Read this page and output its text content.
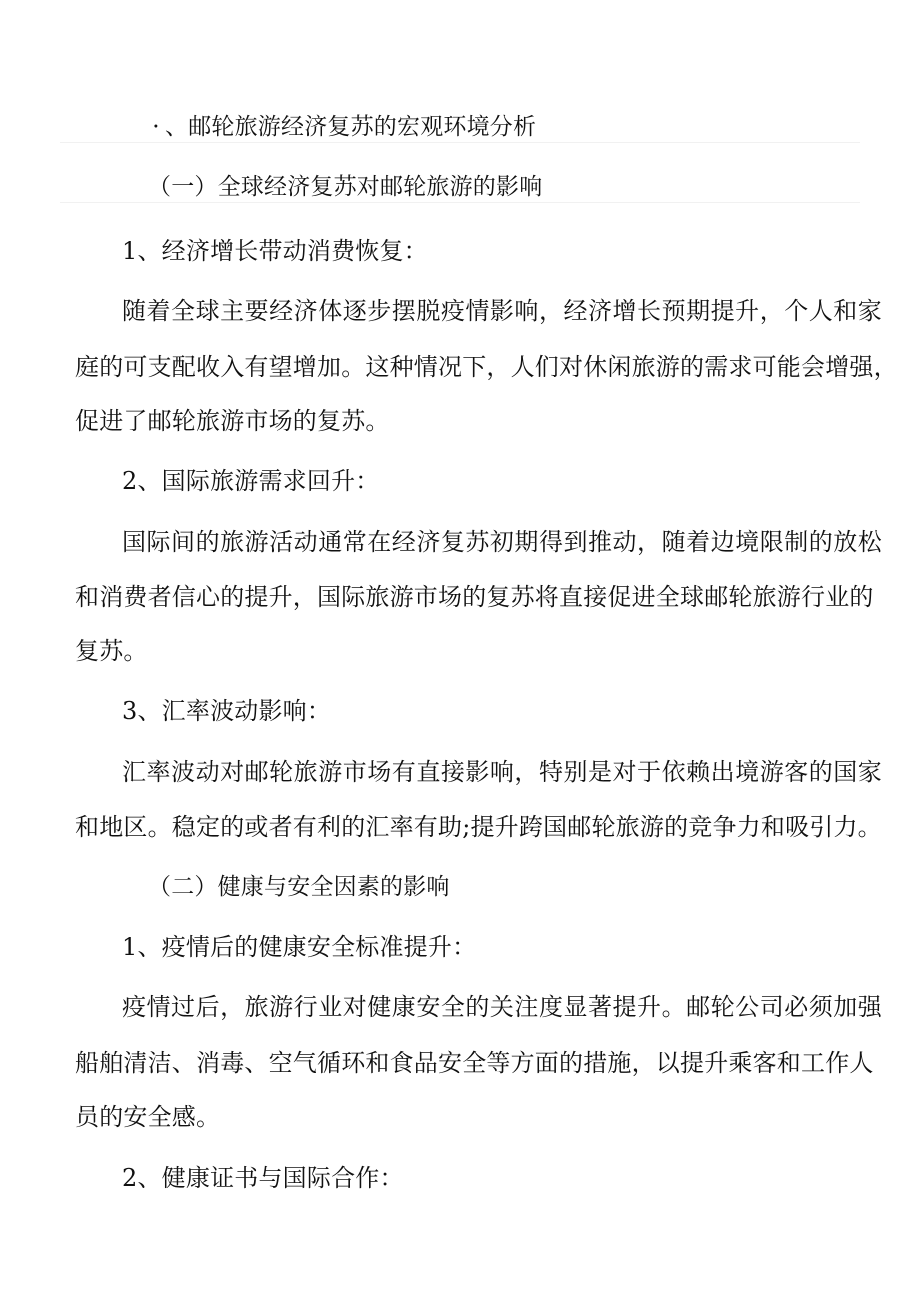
· 、邮轮旅游经济复苏的宏观环境分析
（一）全球经济复苏对邮轮旅游的影响
1、经济增长带动消费恢复：
随着全球主要经济体逐步摆脱疫情影响，经济增长预期提升，个人和家
庭的可支配收入有望增加。这种情况下，人们对休闲旅游的需求可能会增强，
促进了邮轮旅游市场的复苏。
2、国际旅游需求回升：
国际间的旅游活动通常在经济复苏初期得到推动，随着边境限制的放松
和消费者信心的提升，国际旅游市场的复苏将直接促进全球邮轮旅游行业的
复苏。
3、汇率波动影响：
汇率波动对邮轮旅游市场有直接影响，特别是对于依赖出境游客的国家
和地区。稳定的或者有利的汇率有助;提升跨国邮轮旅游的竞争力和吸引力。
（二）健康与安全因素的影响
1、疫情后的健康安全标准提升：
疫情过后，旅游行业对健康安全的关注度显著提升。邮轮公司必须加强
船舶清洁、消毒、空气循环和食品安全等方面的措施，以提升乘客和工作人
员的安全感。
2、健康证书与国际合作：
